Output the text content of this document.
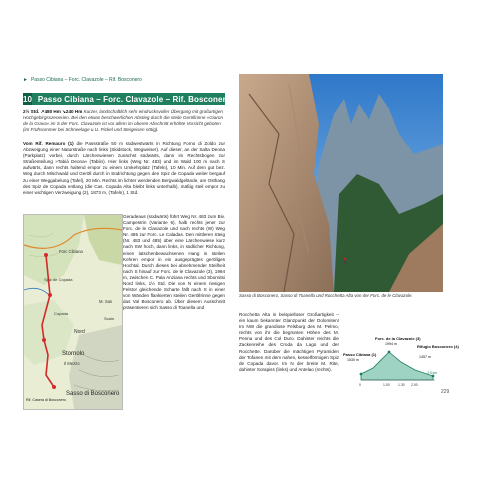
► Passo Cibiana – Forc. Clavazole – Rif. Bosconero
10 Passo Cibiana – Forc. Clavazole – Rif. Bosconero
2½ Std. ↗480 Hm ↘240 Hm Kurzer, landschaftlich sehr eindrucksvoller Übergang mit großartigen Hochgebirgsszenerien. Bei den etwas beschwerlichen Abstieg durch die steile Geröllrinne »Giaron de la Grava« im S der Forc. Clavazole ist vor allem im oberen Abschnitt erhöhte Vorsicht geboten (im Frühsommer bei Schneelage u.U. Pickel und Steigeisen nötig).

Vom Rif. Remauro (1) die Passstraße 50 m südwestwärts in Richtung Forno di Zoldo zur Abzweigung einer Naturstraße nach links (Skidstock, Wegweiser). Auf dieser, an der Salta Deona (Parkplatz) vorbei, durch Lärchenwiesen zunächst südwärts, dann im Rechtsbogen zur Straßenteilung »Tabià Deona« (Tabiin). Hier links (Weg Nr. 483) und im Wald 100 m nach S aufwärts, dann rechts haltend empor zu einem Umkehrplatz (Tafeln), 10 Min. Auf dem gut bez. Weg durch Mischwald und Geröll durch in Südrichtung gegen den Spiz de Copada weiter bergauf zu einer Weggabelung (Tafel), 20 Min. Rechts im lichter werdenden Bergwaldgelände, am Osthang des Spiz de Copada entlang (die Cas. Copada Alta bleibt links unterhalb), mäßig steil empor zu einer wichtigen Verzweigung (2), 1873 m, (Tafeln), 1 Std.

Forc Cibiana
Spiz de Copada
Copada
Nord
M. Sas
Sasso di Bosconero
Rif. Casera di Bosconero
Stornolo
Il Mezzo
Scain

Geradeaus (südwärts) führt Weg Nr. 483 zum Biv. Campestrin (Variante 6), halb rechts jener zur Forc. de le Clavazole und nach rechts (W) Weg Nr. 485 zur Forc. Le Caladas. Den mittleren Steig (Nr. 483 und 485) über eine Lärchenwiese kurz nach SW hoch, dann links, in südlicher Richtung, einen latschenbewachsenen Hang in steilen Kehren empor in ein ausgeprägtes geröllges Hochtal. Durch dieses bei abnehmender Steilheit nach S hinauf zur Forc. de le Clavazole (3), 1994 m, zwischen C. Pala Anziana rechts und Sbornitsi Nord links, 1½ Std. Die von N einem riesigen Felstor gleichende Scharte fällt nach S in einer von Wänden flankierten steilen Geröllrinne gegen das Val Bosconero ab. Über diesem Ausschnitt präsentieren sich Sasso di Toanella und

Sasso di Bosconero, Sasso di Toanella und Rocchetta Alta von der Forc. de le Clavazole.

Rocchetta Alta in beispielloser Großartigkeit – ein kaum bekannter Glanzpunkt der Dolomiten! Im NW die grandiose Felsburg des M. Pelmo, rechts von ihr die begrünten Höhen des M. Penna und des Col Duro. Dahinter reichts die Zackenreihe des Croda da Lago und der Rocchette. Darüber die mächtigen Pyramiden der Tofanen mit dem nahen, kesselförmigen Spiz de Copada davor. Im N der breite M. Rite, dahinter Sorapiss (links) und Antelao (rechts).

Forc. de la Clavazole (3)
1994 m
Passo Cibiana (1)
1530 m
Rifugio Bosconero (4)
1457 m
0	1.00 1.30 2.00
3.5 km
229
